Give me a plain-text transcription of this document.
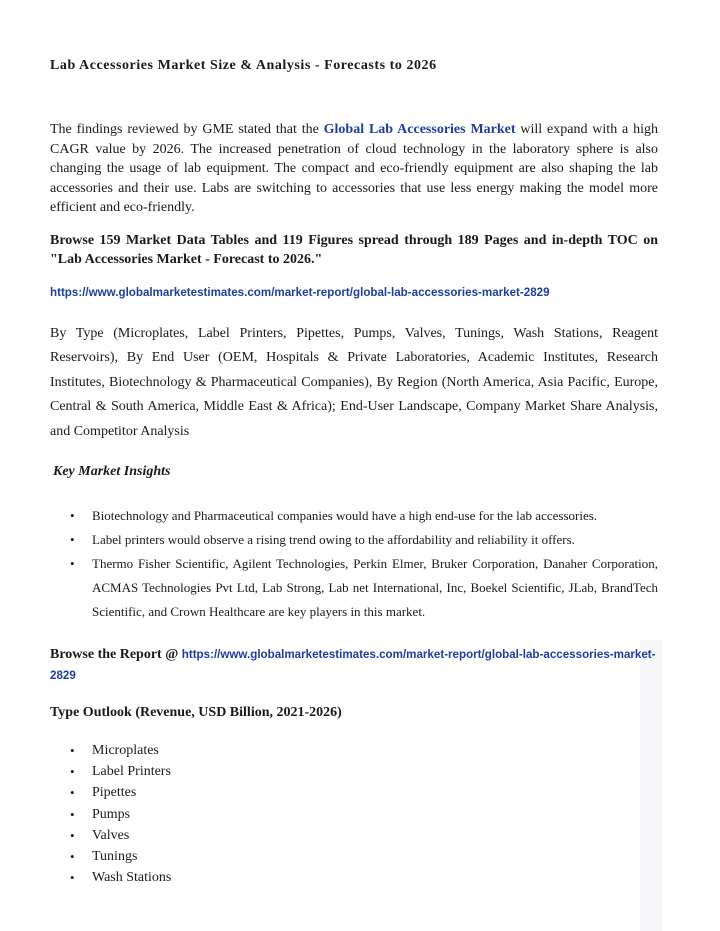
Lab Accessories Market Size & Analysis - Forecasts to 2026

The findings reviewed by GME stated that the Global Lab Accessories Market will expand with a high CAGR value by 2026. The increased penetration of cloud technology in the laboratory sphere is also changing the usage of lab equipment. The compact and eco-friendly equipment are also shaping the lab accessories and their use. Labs are switching to accessories that use less energy making the model more efficient and eco-friendly.

Browse 159 Market Data Tables and 119 Figures spread through 189 Pages and in-depth TOC on "Lab Accessories Market - Forecast to 2026."

https://www.globalmarketestimates.com/market-report/global-lab-accessories-market-2829

By Type (Microplates, Label Printers, Pipettes, Pumps, Valves, Tunings, Wash Stations, Reagent Reservoirs), By End User (OEM, Hospitals & Private Laboratories, Academic Institutes, Research Institutes, Biotechnology & Pharmaceutical Companies), By Region (North America, Asia Pacific, Europe, Central & South America, Middle East & Africa); End-User Landscape, Company Market Share Analysis, and Competitor Analysis

Key Market Insights

• Biotechnology and Pharmaceutical companies would have a high end-use for the lab accessories.
• Label printers would observe a rising trend owing to the affordability and reliability it offers.
• Thermo Fisher Scientific, Agilent Technologies, Perkin Elmer, Bruker Corporation, Danaher Corporation, ACMAS Technologies Pvt Ltd, Lab Strong, Lab net International, Inc, Boekel Scientific, JLab, BrandTech Scientific, and Crown Healthcare are key players in this market.

Browse the Report @ https://www.globalmarketestimates.com/market-report/global-lab-accessories-market-2829

Type Outlook (Revenue, USD Billion, 2021-2026)

• Microplates
• Label Printers
• Pipettes
• Pumps
• Valves
• Tunings
• Wash Stations
